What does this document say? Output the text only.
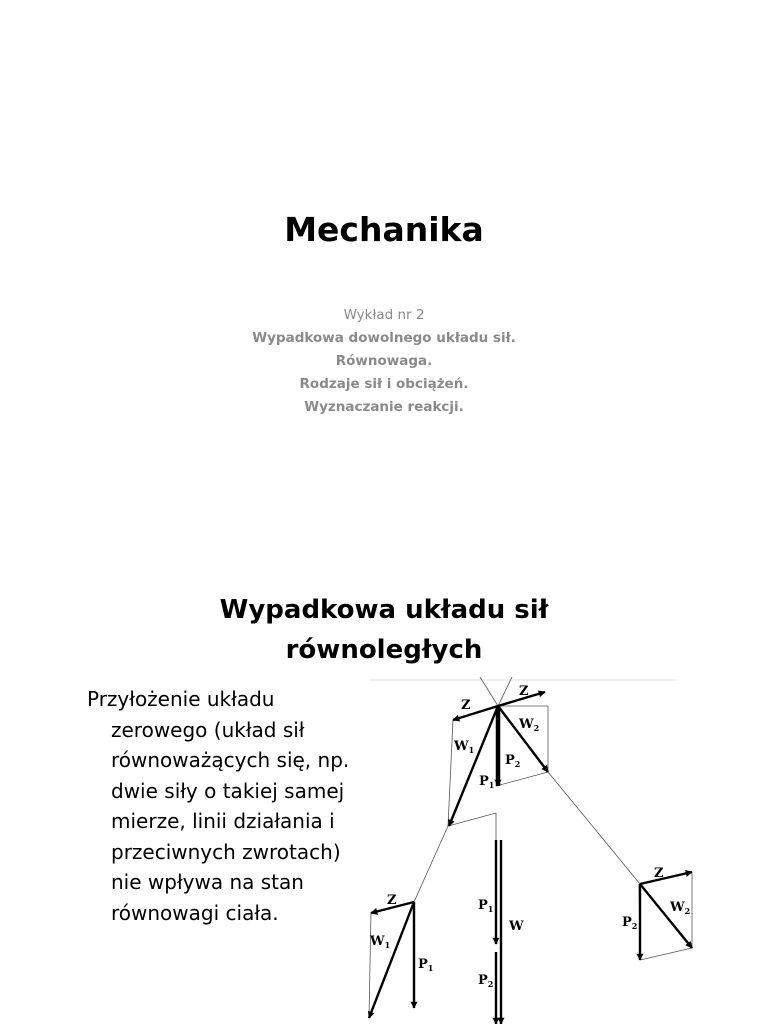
Mechanika
Wykład nr 2
Wypadkowa dowolnego układu sił.
Równowaga.
Rodzaje sił i obciążeń.
Wyznaczanie reakcji.
Wypadkowa układu sił
równoległych
Przyłożenie układu
zerowego (układ sił
równoważących się, np.
dwie siły o takiej samej
mierze, linii działania i
przeciwnych zwrotach)
nie wpływa na stan
równowagi ciała.
Z
Z
$W_2$
$W_1$
$P_2$
$P_1$
Z
$W_1$
$P_1$
$P_1$
W
$P_2$
Z
$W_2$
$P_2$
